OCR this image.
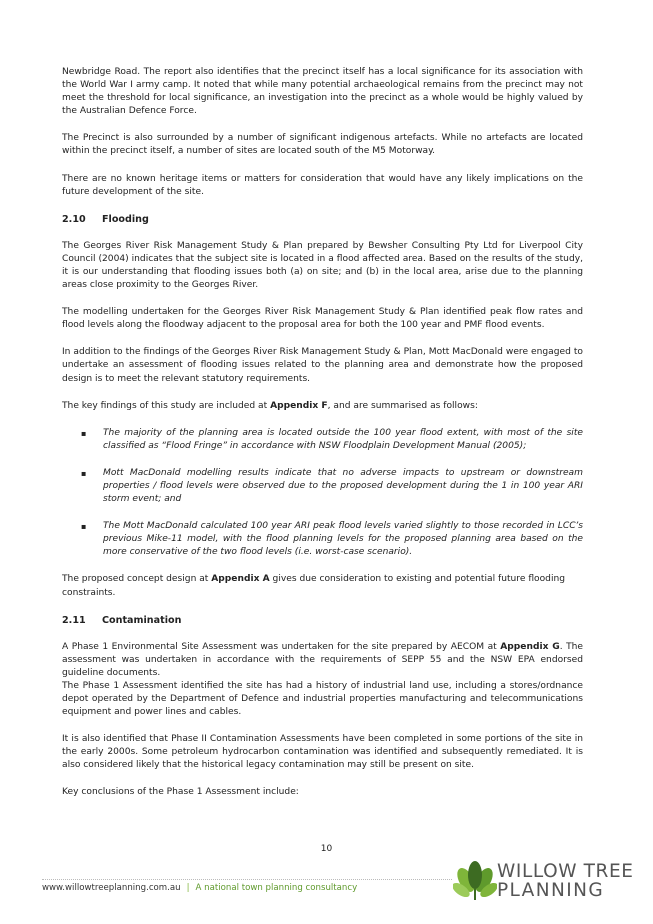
Newbridge Road. The report also identifies that the precinct itself has a local significance for its association with the World War I army camp. It noted that while many potential archaeological remains from the precinct may not meet the threshold for local significance, an investigation into the precinct as a whole would be highly valued by the Australian Defence Force.

The Precinct is also surrounded by a number of significant indigenous artefacts. While no artefacts are located within the precinct itself, a number of sites are located south of the M5 Motorway.

There are no known heritage items or matters for consideration that would have any likely implications on the future development of the site.

2.10 Flooding

The Georges River Risk Management Study & Plan prepared by Bewsher Consulting Pty Ltd for Liverpool City Council (2004) indicates that the subject site is located in a flood affected area. Based on the results of the study, it is our understanding that flooding issues both (a) on site; and (b) in the local area, arise due to the planning areas close proximity to the Georges River.

The modelling undertaken for the Georges River Risk Management Study & Plan identified peak flow rates and flood levels along the floodway adjacent to the proposal area for both the 100 year and PMF flood events.

In addition to the findings of the Georges River Risk Management Study & Plan, Mott MacDonald were engaged to undertake an assessment of flooding issues related to the planning area and demonstrate how the proposed design is to meet the relevant statutory requirements.

The key findings of this study are included at Appendix F, and are summarised as follows:

▪ The majority of the planning area is located outside the 100 year flood extent, with most of the site classified as “Flood Fringe” in accordance with NSW Floodplain Development Manual (2005);
▪ Mott MacDonald modelling results indicate that no adverse impacts to upstream or downstream properties / flood levels were observed due to the proposed development during the 1 in 100 year ARI storm event; and
▪ The Mott MacDonald calculated 100 year ARI peak flood levels varied slightly to those recorded in LCC’s previous Mike-11 model, with the flood planning levels for the proposed planning area based on the more conservative of the two flood levels (i.e. worst-case scenario).

The proposed concept design at Appendix A gives due consideration to existing and potential future flooding constraints.

2.11 Contamination

A Phase 1 Environmental Site Assessment was undertaken for the site prepared by AECOM at Appendix G. The assessment was undertaken in accordance with the requirements of SEPP 55 and the NSW EPA endorsed guideline documents.

The Phase 1 Assessment identified the site has had a history of industrial land use, including a stores/ordnance depot operated by the Department of Defence and industrial properties manufacturing and telecommunications equipment and power lines and cables.

It is also identified that Phase II Contamination Assessments have been completed in some portions of the site in the early 2000s. Some petroleum hydrocarbon contamination was identified and subsequently remediated. It is also considered likely that the historical legacy contamination may still be present on site.

Key conclusions of the Phase 1 Assessment include:

10
www.willowtreeplanning.com.au | A national town planning consultancy
WILLOW TREE
PLANNING
